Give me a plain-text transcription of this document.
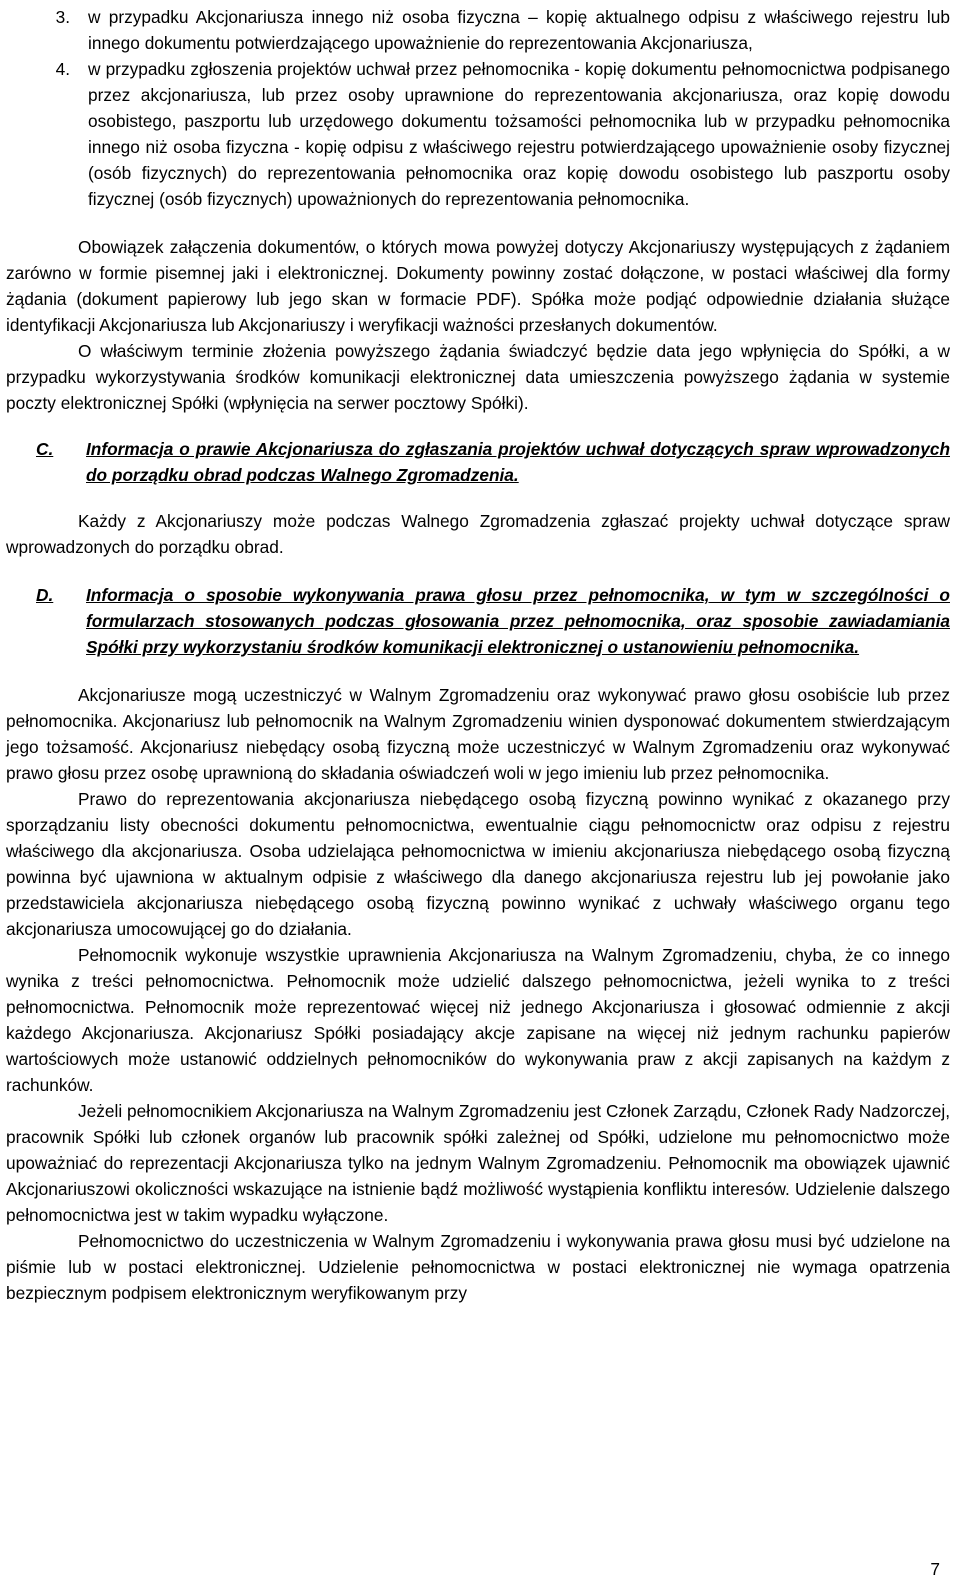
3. w przypadku Akcjonariusza innego niż osoba fizyczna – kopię aktualnego odpisu z właściwego rejestru lub innego dokumentu potwierdzającego upoważnienie do reprezentowania Akcjonariusza,
4. w przypadku zgłoszenia projektów uchwał przez pełnomocnika - kopię dokumentu pełnomocnictwa podpisanego przez akcjonariusza, lub przez osoby uprawnione do reprezentowania akcjonariusza, oraz kopię dowodu osobistego, paszportu lub urzędowego dokumentu tożsamości pełnomocnika lub w przypadku pełnomocnika innego niż osoba fizyczna - kopię odpisu z właściwego rejestru potwierdzającego upoważnienie osoby fizycznej (osób fizycznych) do reprezentowania pełnomocnika oraz kopię dowodu osobistego lub paszportu osoby fizycznej (osób fizycznych) upoważnionych do reprezentowania pełnomocnika.

Obowiązek załączenia dokumentów, o których mowa powyżej dotyczy Akcjonariuszy występujących z żądaniem zarówno w formie pisemnej jaki i elektronicznej. Dokumenty powinny zostać dołączone, w postaci właściwej dla formy żądania (dokument papierowy lub jego skan w formacie PDF). Spółka może podjąć odpowiednie działania służące identyfikacji Akcjonariusza lub Akcjonariuszy i weryfikacji ważności przesłanych dokumentów.

O właściwym terminie złożenia powyższego żądania świadczyć będzie data jego wpłynięcia do Spółki, a w przypadku wykorzystywania środków komunikacji elektronicznej data umieszczenia powyższego żądania w systemie poczty elektronicznej Spółki (wpłynięcia na serwer pocztowy Spółki).

C. Informacja o prawie Akcjonariusza do zgłaszania projektów uchwał dotyczących spraw wprowadzonych do porządku obrad podczas Walnego Zgromadzenia.

Każdy z Akcjonariuszy może podczas Walnego Zgromadzenia zgłaszać projekty uchwał dotyczące spraw wprowadzonych do porządku obrad.

D. Informacja o sposobie wykonywania prawa głosu przez pełnomocnika, w tym w szczególności o formularzach stosowanych podczas głosowania przez pełnomocnika, oraz sposobie zawiadamiania Spółki przy wykorzystaniu środków komunikacji elektronicznej o ustanowieniu pełnomocnika.

Akcjonariusze mogą uczestniczyć w Walnym Zgromadzeniu oraz wykonywać prawo głosu osobiście lub przez pełnomocnika. Akcjonariusz lub pełnomocnik na Walnym Zgromadzeniu winien dysponować dokumentem stwierdzającym jego tożsamość. Akcjonariusz niebędący osobą fizyczną może uczestniczyć w Walnym Zgromadzeniu oraz wykonywać prawo głosu przez osobę uprawnioną do składania oświadczeń woli w jego imieniu lub przez pełnomocnika.

Prawo do reprezentowania akcjonariusza niebędącego osobą fizyczną powinno wynikać z okazanego przy sporządzaniu listy obecności dokumentu pełnomocnictwa, ewentualnie ciągu pełnomocnictw oraz odpisu z rejestru właściwego dla akcjonariusza. Osoba udzielająca pełnomocnictwa w imieniu akcjonariusza niebędącego osobą fizyczną powinna być ujawniona w aktualnym odpisie z właściwego dla danego akcjonariusza rejestru lub jej powołanie jako przedstawiciela akcjonariusza niebędącego osobą fizyczną powinno wynikać z uchwały właściwego organu tego akcjonariusza umocowującej go do działania.

Pełnomocnik wykonuje wszystkie uprawnienia Akcjonariusza na Walnym Zgromadzeniu, chyba, że co innego wynika z treści pełnomocnictwa. Pełnomocnik może udzielić dalszego pełnomocnictwa, jeżeli wynika to z treści pełnomocnictwa. Pełnomocnik może reprezentować więcej niż jednego Akcjonariusza i głosować odmiennie z akcji każdego Akcjonariusza. Akcjonariusz Spółki posiadający akcje zapisane na więcej niż jednym rachunku papierów wartościowych może ustanowić oddzielnych pełnomocników do wykonywania praw z akcji zapisanych na każdym z rachunków.

Jeżeli pełnomocnikiem Akcjonariusza na Walnym Zgromadzeniu jest Członek Zarządu, Członek Rady Nadzorczej, pracownik Spółki lub członek organów lub pracownik spółki zależnej od Spółki, udzielone mu pełnomocnictwo może upoważniać do reprezentacji Akcjonariusza tylko na jednym Walnym Zgromadzeniu. Pełnomocnik ma obowiązek ujawnić Akcjonariuszowi okoliczności wskazujące na istnienie bądź możliwość wystąpienia konfliktu interesów. Udzielenie dalszego pełnomocnictwa jest w takim wypadku wyłączone.

Pełnomocnictwo do uczestniczenia w Walnym Zgromadzeniu i wykonywania prawa głosu musi być udzielone na piśmie lub w postaci elektronicznej. Udzielenie pełnomocnictwa w postaci elektronicznej nie wymaga opatrzenia bezpiecznym podpisem elektronicznym weryfikowanym przy

7
